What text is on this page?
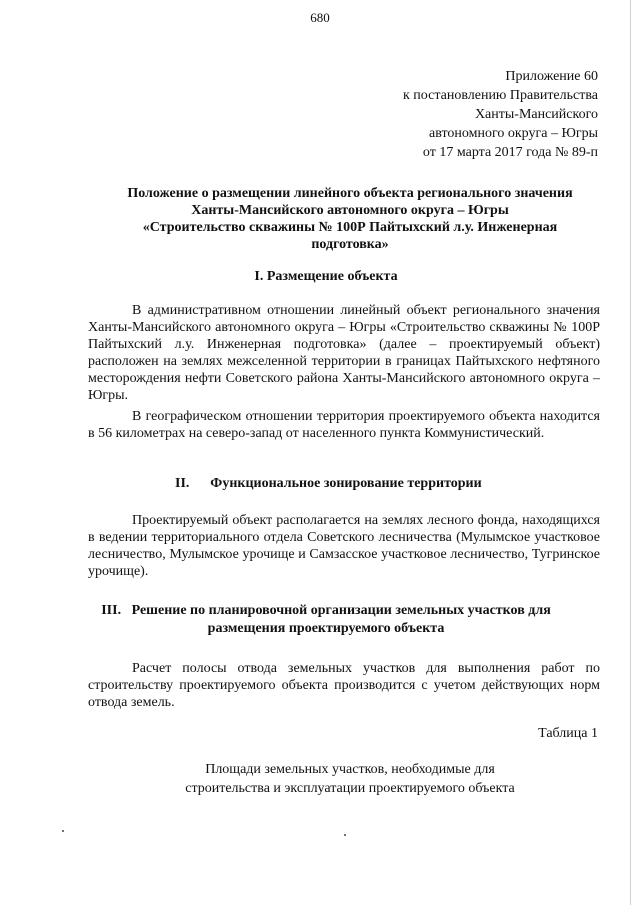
680
Приложение 60
к постановлению Правительства
Ханты-Мансийского
автономного округа – Югры
от 17 марта 2017 года № 89-п
Положение о размещении линейного объекта регионального значения
Ханты-Мансийского автономного округа – Югры
«Строительство скважины № 100Р Пайтыхский л.у. Инженерная
подготовка»
I. Размещение объекта
В административном отношении линейный объект регионального значения Ханты-Мансийского автономного округа – Югры «Строительство скважины № 100Р Пайтыхский л.у. Инженерная подготовка» (далее – проектируемый объект) расположен на землях межселенной территории в границах Пайтыхского нефтяного месторождения нефти Советского района Ханты-Мансийского автономного округа – Югры.
В географическом отношении территория проектируемого объекта находится в 56 километрах на северо-запад от населенного пункта Коммунистический.
II. Функциональное зонирование территории
Проектируемый объект располагается на землях лесного фонда, находящихся в ведении территориального отдела Советского лесничества (Мулымское участковое лесничество, Мулымское урочище и Самзасское участковое лесничество, Тугринское урочище).
III.   Решение по планировочной организации земельных участков для
размещения проектируемого объекта
Расчет полосы отвода земельных участков для выполнения работ по строительству проектируемого объекта производится с учетом действующих норм отвода земель.
Таблица 1
Площади земельных участков, необходимые для
строительства и эксплуатации проектируемого объекта
